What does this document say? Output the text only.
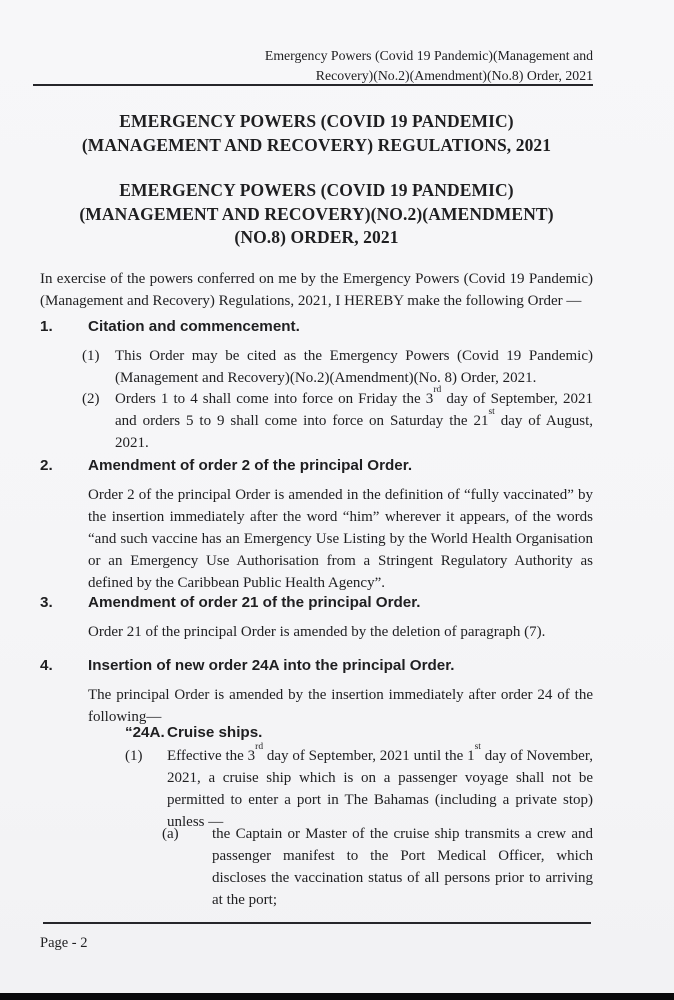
Emergency Powers (Covid 19 Pandemic)(Management and
Recovery)(No.2)(Amendment)(No.8) Order, 2021
EMERGENCY POWERS (COVID 19 PANDEMIC)
(MANAGEMENT AND RECOVERY) REGULATIONS, 2021
EMERGENCY POWERS (COVID 19 PANDEMIC)
(MANAGEMENT AND RECOVERY)(NO.2)(AMENDMENT)
(NO.8) ORDER, 2021
In exercise of the powers conferred on me by the Emergency Powers (Covid 19 Pandemic) (Management and Recovery) Regulations, 2021, I HEREBY make the following Order —
1.	Citation and commencement.
(1)	This Order may be cited as the Emergency Powers (Covid 19 Pandemic) (Management and Recovery)(No.2)(Amendment)(No. 8) Order, 2021.
(2)	Orders 1 to 4 shall come into force on Friday the 3rd day of September, 2021 and orders 5 to 9 shall come into force on Saturday the 21st day of August, 2021.
2.	Amendment of order 2 of the principal Order.
Order 2 of the principal Order is amended in the definition of “fully vaccinated” by the insertion immediately after the word “him” wherever it appears, of the words “and such vaccine has an Emergency Use Listing by the World Health Organisation or an Emergency Use Authorisation from a Stringent Regulatory Authority as defined by the Caribbean Public Health Agency”.
3.	Amendment of order 21 of the principal Order.
Order 21 of the principal Order is amended by the deletion of paragraph (7).
4.	Insertion of new order 24A into the principal Order.
The principal Order is amended by the insertion immediately after order 24 of the following—
“24A. Cruise ships.
(1)	Effective the 3rd day of September, 2021 until the 1st day of November, 2021, a cruise ship which is on a passenger voyage shall not be permitted to enter a port in The Bahamas (including a private stop) unless —
(a)	the Captain or Master of the cruise ship transmits a crew and passenger manifest to the Port Medical Officer, which discloses the vaccination status of all persons prior to arriving at the port;
Page - 2
